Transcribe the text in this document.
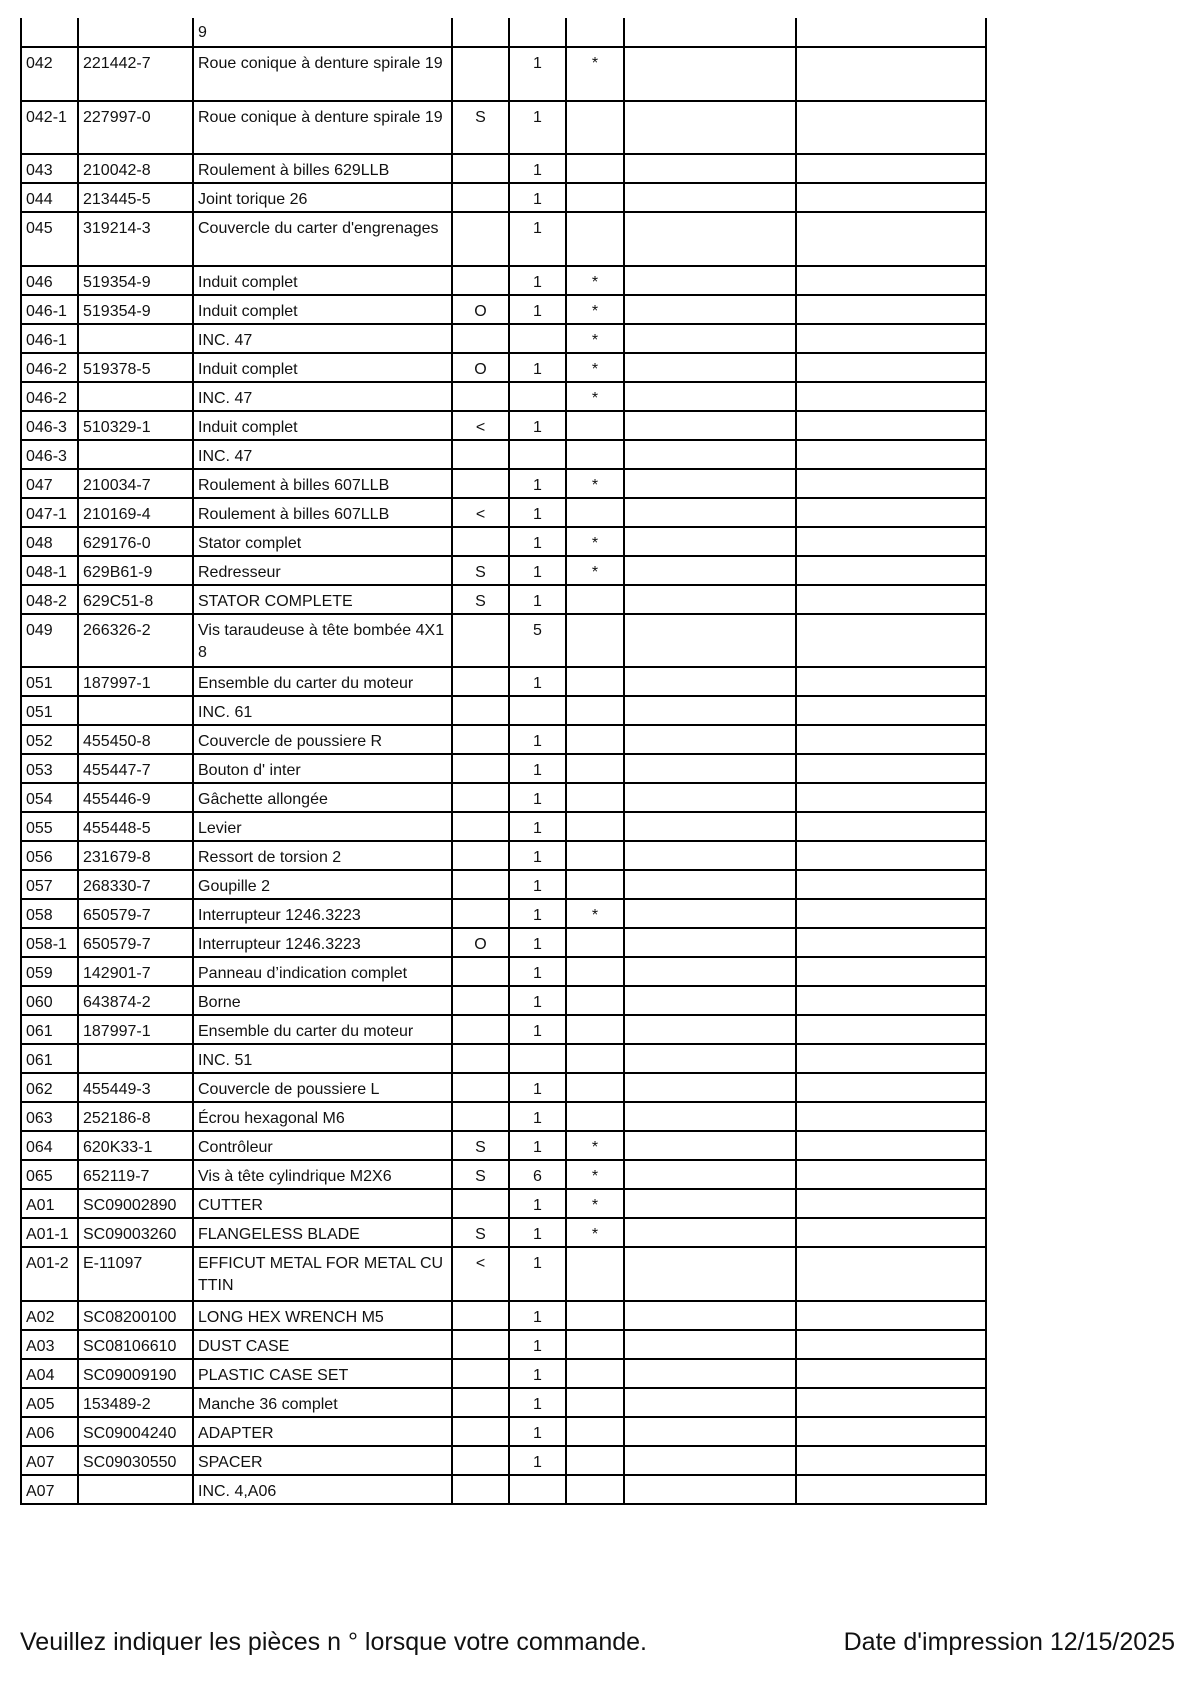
		9					
042	221442-7	Roue conique à denture spirale 19		1	*		
042-1	227997-0	Roue conique à denture spirale 19	S	1			
043	210042-8	Roulement à billes 629LLB		1			
044	213445-5	Joint torique 26		1			
045	319214-3	Couvercle du carter d'engrenages		1			
046	519354-9	Induit complet		1	*		
046-1	519354-9	Induit complet	O	1	*		
046-1		INC. 47			*		
046-2	519378-5	Induit complet	O	1	*		
046-2		INC. 47			*		
046-3	510329-1	Induit complet	<	1			
046-3		INC. 47					
047	210034-7	Roulement à billes 607LLB		1	*		
047-1	210169-4	Roulement à billes 607LLB	<	1			
048	629176-0	Stator complet		1	*		
048-1	629B61-9	Redresseur	S	1	*		
048-2	629C51-8	STATOR COMPLETE	S	1			
049	266326-2	Vis taraudeuse à tête bombée 4X18		5			
051	187997-1	Ensemble du carter du moteur		1			
051		INC. 61					
052	455450-8	Couvercle de poussiere R		1			
053	455447-7	Bouton d' inter		1			
054	455446-9	Gâchette allongée		1			
055	455448-5	Levier		1			
056	231679-8	Ressort de torsion 2		1			
057	268330-7	Goupille 2		1			
058	650579-7	Interrupteur 1246.3223		1	*		
058-1	650579-7	Interrupteur 1246.3223	O	1			
059	142901-7	Panneau d’indication complet		1			
060	643874-2	Borne		1			
061	187997-1	Ensemble du carter du moteur		1			
061		INC. 51					
062	455449-3	Couvercle de poussiere L		1			
063	252186-8	Écrou hexagonal M6		1			
064	620K33-1	Contrôleur	S	1	*		
065	652119-7	Vis à tête cylindrique M2X6	S	6	*		
A01	SC09002890	CUTTER		1	*		
A01-1	SC09003260	FLANGELESS BLADE	S	1	*		
A01-2	E-11097	EFFICUT METAL FOR METAL CUTTIN	<	1			
A02	SC08200100	LONG HEX WRENCH M5		1			
A03	SC08106610	DUST CASE		1			
A04	SC09009190	PLASTIC CASE SET		1			
A05	153489-2	Manche 36 complet		1			
A06	SC09004240	ADAPTER		1			
A07	SC09030550	SPACER		1			
A07		INC. 4,A06					
Veuillez indiquer les pièces n ° lorsque votre commande.	Date d'impression 12/15/2025
